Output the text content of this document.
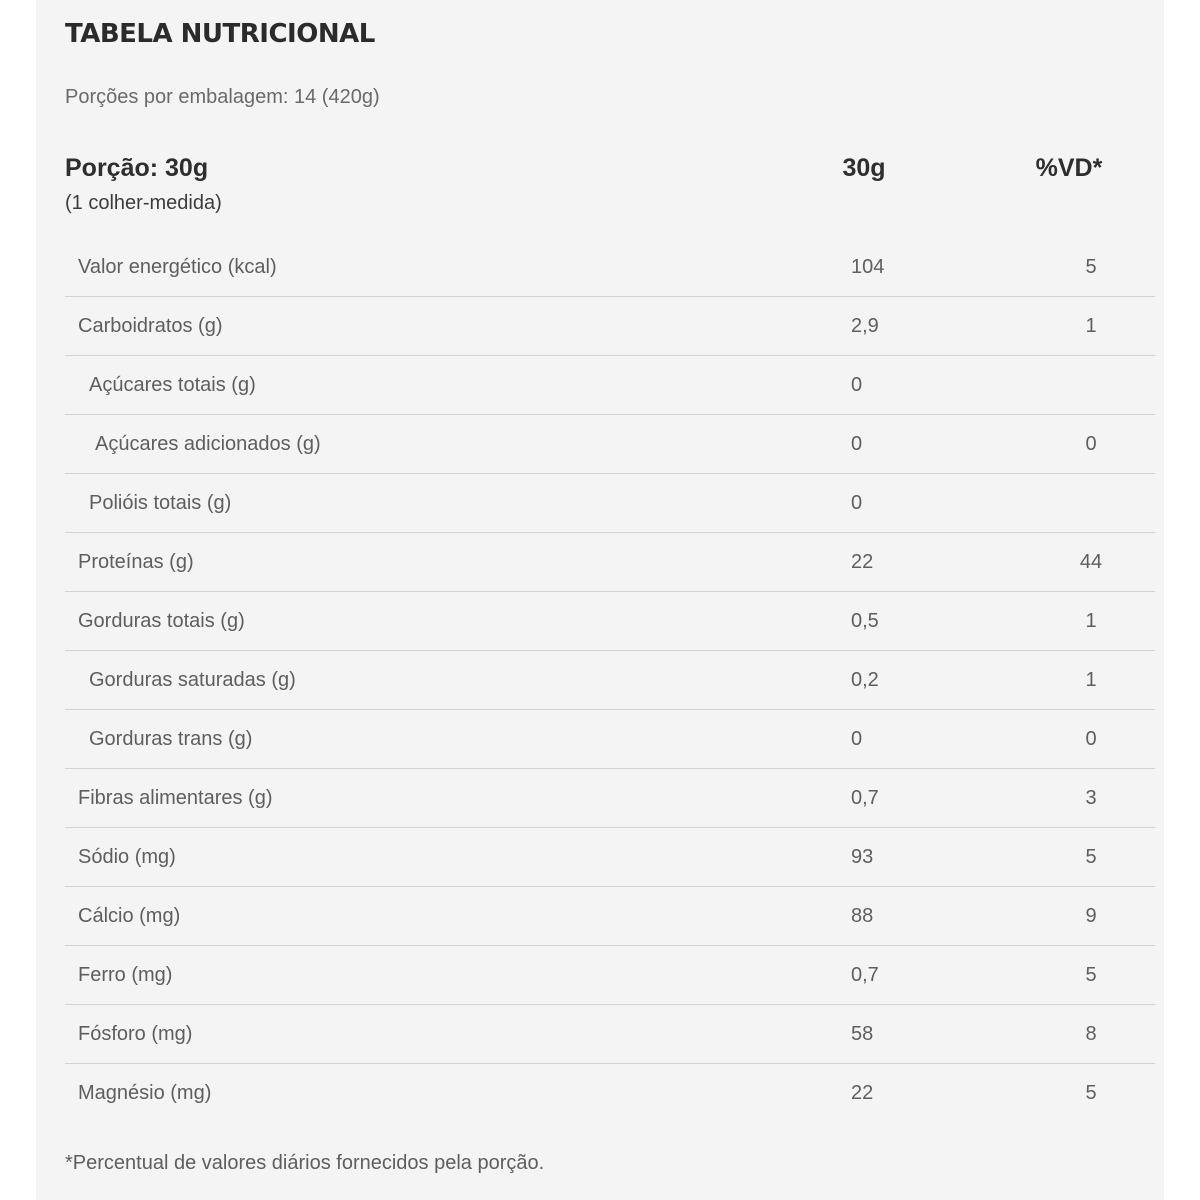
TABELA NUTRICIONAL
Porções por embalagem: 14 (420g)
Porção: 30g
(1 colher-medida)
30g	%VD*
Valor energético (kcal)	104	5
Carboidratos (g)	2,9	1
Açúcares totais (g)	0
Açúcares adicionados (g)	0	0
Polióis totais (g)	0
Proteínas (g)	22	44
Gorduras totais (g)	0,5	1
Gorduras saturadas (g)	0,2	1
Gorduras trans (g)	0	0
Fibras alimentares (g)	0,7	3
Sódio (mg)	93	5
Cálcio (mg)	88	9
Ferro (mg)	0,7	5
Fósforo (mg)	58	8
Magnésio (mg)	22	5
*Percentual de valores diários fornecidos pela porção.
